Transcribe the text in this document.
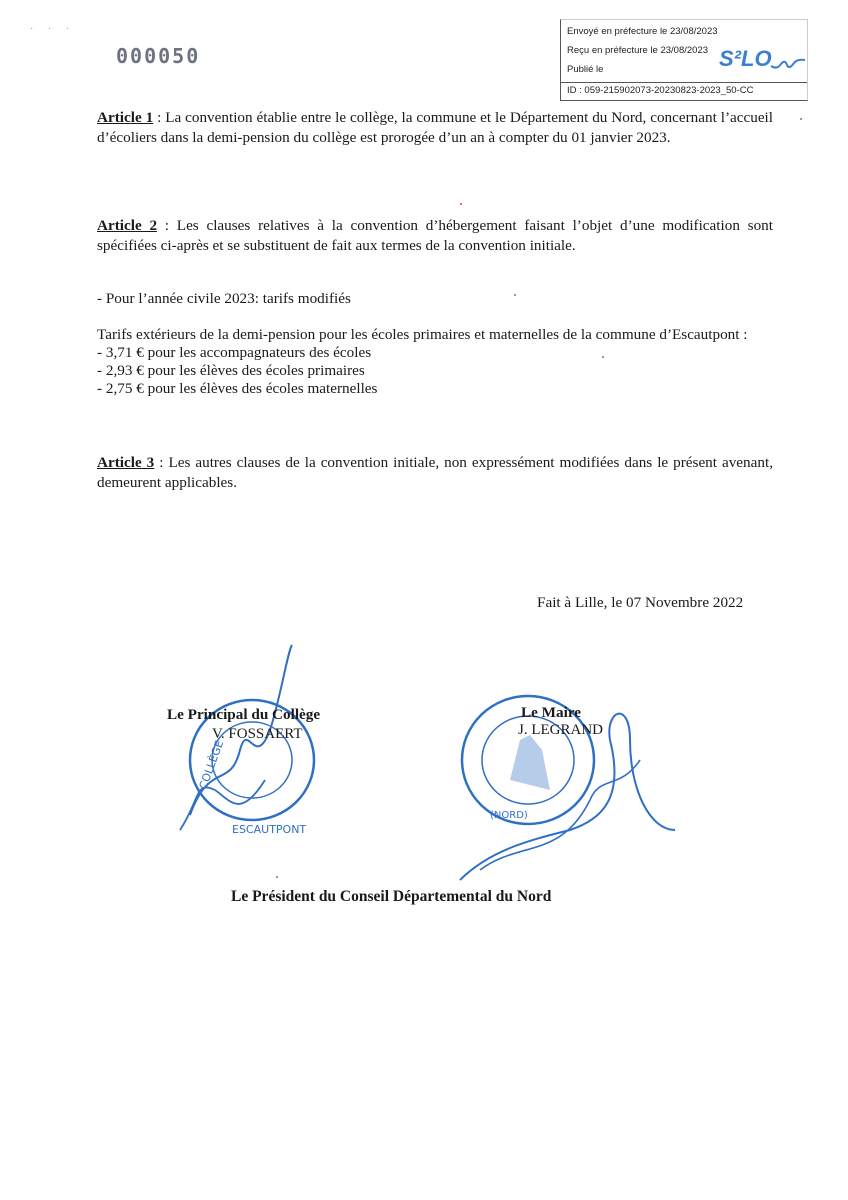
· · ·
000050
Envoyé en préfecture le 23/08/2023
Reçu en préfecture le 23/08/2023
Publié le
ID : 059-215902073-20230823-2023_50-CC
S²LO
Article 1 : La convention établie entre le collège, la commune et le Département du Nord, concernant l’accueil d’écoliers dans la demi-pension du collège est prorogée d’un an à compter du 01 janvier 2023.
Article 2 : Les clauses relatives à la convention d’hébergement faisant l’objet d’une modification sont spécifiées ci-après et se substituent de fait aux termes de la convention initiale.
- Pour l’année civile 2023: tarifs modifiés
Tarifs extérieurs de la demi-pension pour les écoles primaires et maternelles de la commune d’Escautpont :
- 3,71 € pour les accompagnateurs des écoles
- 2,93 € pour les élèves des écoles primaires
- 2,75 € pour les élèves des écoles maternelles
Article 3 : Les autres clauses de la convention initiale, non expressément modifiées dans le présent avenant, demeurent applicables.
Fait à Lille, le 07 Novembre 2022
COLLÈGE
ESCAUTPONT
Le Principal du Collège
V. FOSSAERT
(NORD)
Le Maire
J. LEGRAND
Le Président du Conseil Départemental du Nord
